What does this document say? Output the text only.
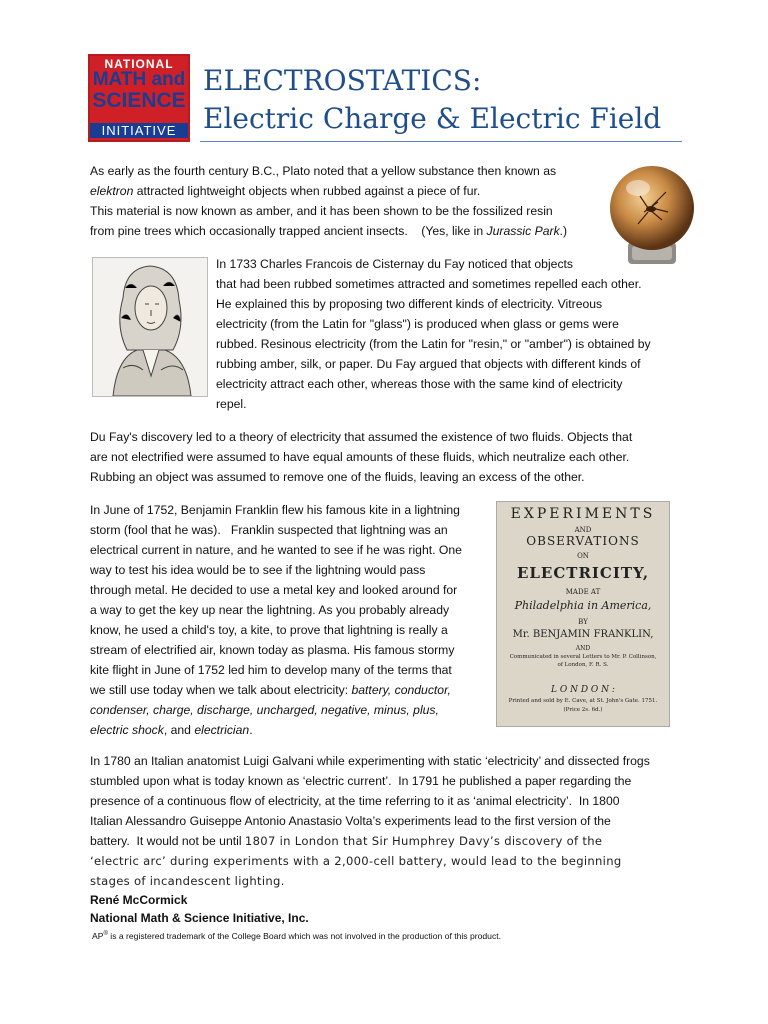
NATIONAL
MATH and
SCIENCE
INITIATIVE
ELECTROSTATICS:
Electric Charge & Electric Field
As early as the fourth century B.C., Plato noted that a yellow substance then known as
elektron attracted lightweight objects when rubbed against a piece of fur.
This material is now known as amber, and it has been shown to be the fossilized resin
from pine trees which occasionally trapped ancient insects.    (Yes, like in Jurassic Park.)
In 1733 Charles Francois de Cisternay du Fay noticed that objects
that had been rubbed sometimes attracted and sometimes repelled each other.
He explained this by proposing two different kinds of electricity. Vitreous
electricity (from the Latin for "glass") is produced when glass or gems were
rubbed. Resinous electricity (from the Latin for "resin," or "amber") is obtained by
rubbing amber, silk, or paper. Du Fay argued that objects with different kinds of
electricity attract each other, whereas those with the same kind of electricity
repel.
Du Fay's discovery led to a theory of electricity that assumed the existence of two fluids. Objects that
are not electrified were assumed to have equal amounts of these fluids, which neutralize each other.
Rubbing an object was assumed to remove one of the fluids, leaving an excess of the other.
In June of 1752, Benjamin Franklin flew his famous kite in a lightning
storm (fool that he was).   Franklin suspected that lightning was an
electrical current in nature, and he wanted to see if he was right. One
way to test his idea would be to see if the lightning would pass
through metal. He decided to use a metal key and looked around for
a way to get the key up near the lightning. As you probably already
know, he used a child's toy, a kite, to prove that lightning is really a
stream of electrified air, known today as plasma. His famous stormy
kite flight in June of 1752 led him to develop many of the terms that
we still use today when we talk about electricity: battery, conductor,
condenser, charge, discharge, uncharged, negative, minus, plus,
electric shock, and electrician.
EXPERIMENTS
AND
OBSERVATIONS
ON
ELECTRICITY,
MADE AT
Philadelphia in America,
BY
Mr. BENJAMIN FRANKLIN,
AND
Communicated in several Letters to Mr. P. Collinson,
of London, F. R. S.
L O N D O N :
Printed and sold by E. Cave, at St. John's Gate. 1751.
(Price 2s. 6d.)
In 1780 an Italian anatomist Luigi Galvani while experimenting with static ‘electricity’ and dissected frogs
stumbled upon what is today known as ‘electric current’.  In 1791 he published a paper regarding the
presence of a continuous flow of electricity, at the time referring to it as ‘animal electricity’.  In 1800
Italian Alessandro Guiseppe Antonio Anastasio Volta’s experiments lead to the first version of the
battery.  It would not be until 1807 in London that Sir Humphrey Davy’s discovery of the
‘electric arc’ during experiments with a 2,000-cell battery, would lead to the beginning
stages of incandescent lighting.
René McCormick
National Math & Science Initiative, Inc.
AP® is a registered trademark of the College Board which was not involved in the production of this product.
